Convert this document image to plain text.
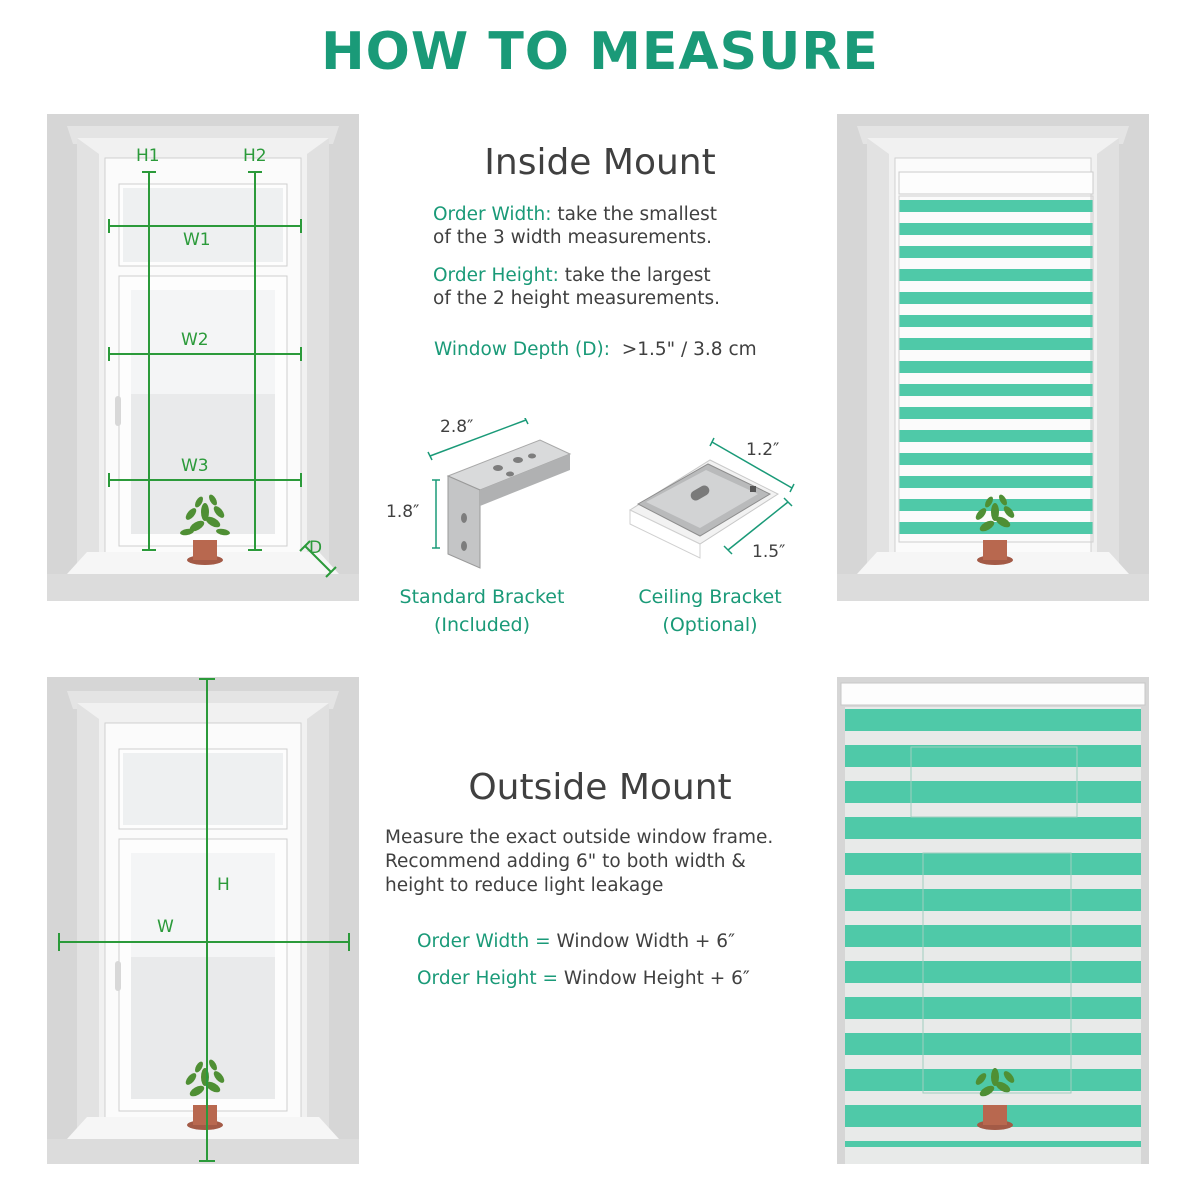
HOW TO MEASURE
H1	H2
W1
W2
W3
D
Inside Mount
Order Width: take the smallest
of the 3 width measurements.
Order Height: take the largest
of the 2 height measurements.
Window Depth (D): >1.5" / 3.8 cm
2.8″
1.8″
1.2″
1.5″
Standard Bracket
(Included)
Ceiling Bracket
(Optional)
H
W
Outside Mount
Measure the exact outside window frame.
Recommend adding 6" to both width &
height to reduce light leakage
Order Width = Window Width + 6″
Order Height = Window Height + 6″
